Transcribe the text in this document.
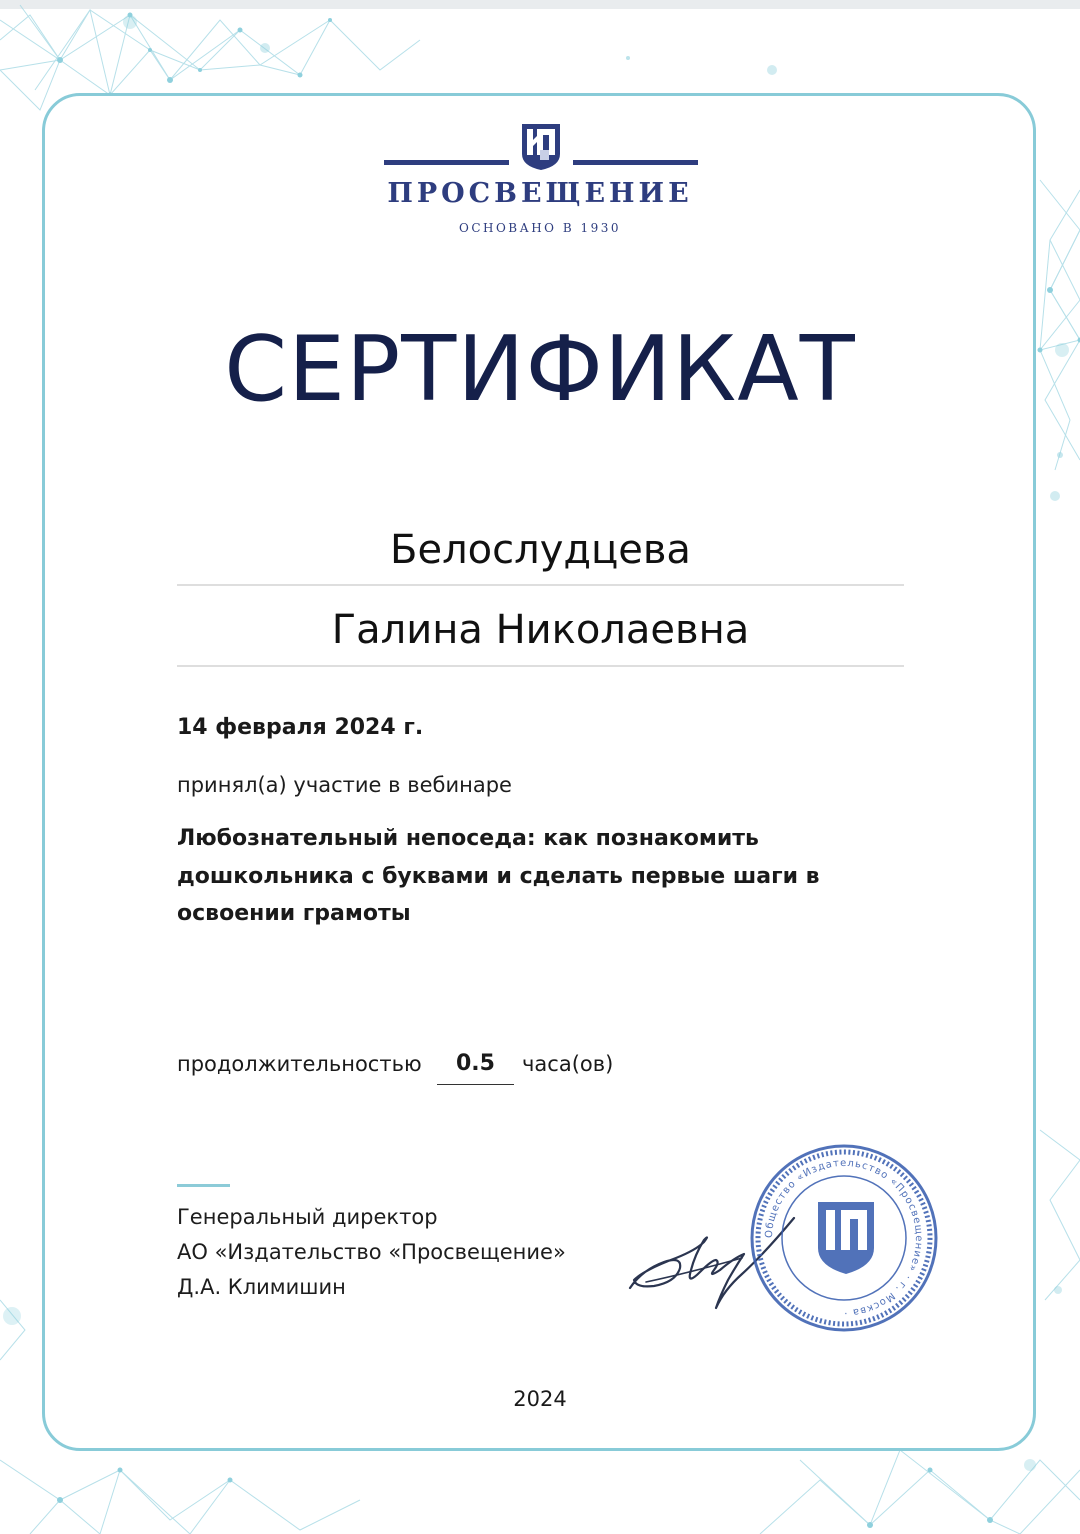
ПРОСВЕЩЕНИЕ
ОСНОВАНО В 1930
СЕРТИФИКАТ
Белослудцева
Галина Николаевна
14 февраля 2024 г.
принял(а) участие в вебинаре
Любознательный непоседа: как познакомить дошкольника с буквами и сделать первые шаги в освоении грамоты
продолжительностью	0.5	часа(ов)
Генеральный директор
АО «Издательство «Просвещение»
Д.А. Климишин
Общество «Издательство «Просвещение» · г. Москва ·
2024
